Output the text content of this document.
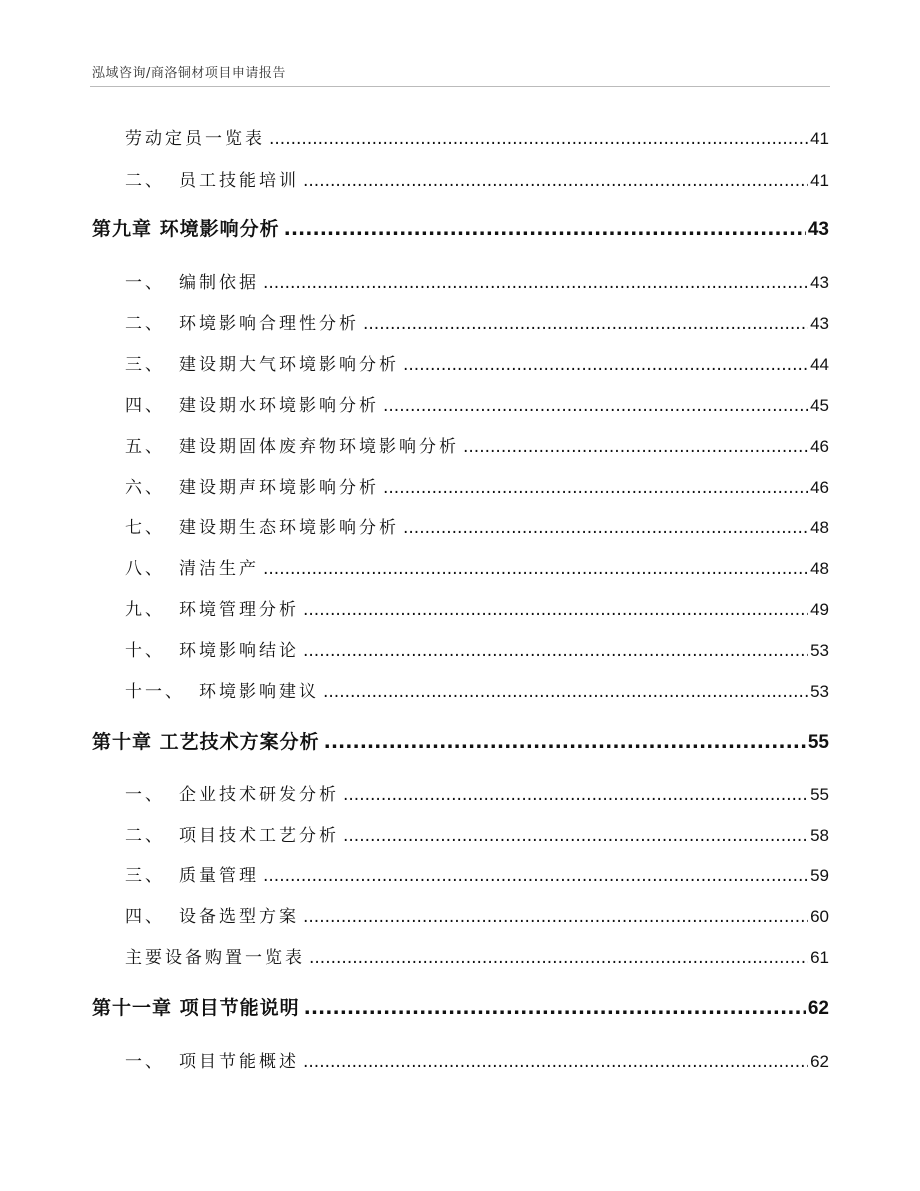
泓域咨询/商洛铜材项目申请报告
劳动定员一览表 .....	41
二、 员工技能培训 .....	41
第九章 环境影响分析 .....	43
一、 编制依据 .....	43
二、 环境影响合理性分析 .....	43
三、 建设期大气环境影响分析 .....	44
四、 建设期水环境影响分析 .....	45
五、 建设期固体废弃物环境影响分析 .....	46
六、 建设期声环境影响分析 .....	46
七、 建设期生态环境影响分析 .....	48
八、 清洁生产 .....	48
九、 环境管理分析 .....	49
十、 环境影响结论 .....	53
十一、 环境影响建议 .....	53
第十章 工艺技术方案分析 .....	55
一、 企业技术研发分析 .....	55
二、 项目技术工艺分析 .....	58
三、 质量管理 .....	59
四、 设备选型方案 .....	60
主要设备购置一览表 .....	61
第十一章 项目节能说明 .....	62
一、 项目节能概述 .....	62
